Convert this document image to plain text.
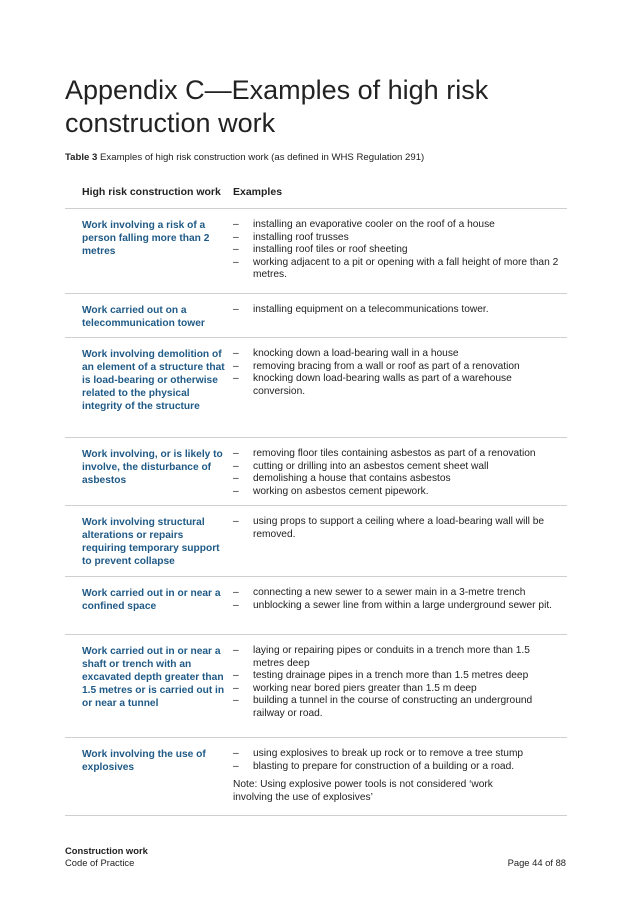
Appendix C—Examples of high risk construction work
Table 3 Examples of high risk construction work (as defined in WHS Regulation 291)
High risk construction work Examples
Work involving a risk of a person falling more than 2 metres
– installing an evaporative cooler on the roof of a house
– installing roof trusses
– installing roof tiles or roof sheeting
– working adjacent to a pit or opening with a fall height of more than 2 metres.
Work carried out on a telecommunication tower
– installing equipment on a telecommunications tower.
Work involving demolition of an element of a structure that is load-bearing or otherwise related to the physical integrity of the structure
– knocking down a load-bearing wall in a house
– removing bracing from a wall or roof as part of a renovation
– knocking down load-bearing walls as part of a warehouse conversion.
Work involving, or is likely to involve, the disturbance of asbestos
– removing floor tiles containing asbestos as part of a renovation
– cutting or drilling into an asbestos cement sheet wall
– demolishing a house that contains asbestos
– working on asbestos cement pipework.
Work involving structural alterations or repairs requiring temporary support to prevent collapse
– using props to support a ceiling where a load-bearing wall will be removed.
Work carried out in or near a confined space
– connecting a new sewer to a sewer main in a 3-metre trench
– unblocking a sewer line from within a large underground sewer pit.
Work carried out in or near a shaft or trench with an excavated depth greater than 1.5 metres or is carried out in or near a tunnel
– laying or repairing pipes or conduits in a trench more than 1.5 metres deep
– testing drainage pipes in a trench more than 1.5 metres deep
– working near bored piers greater than 1.5 m deep
– building a tunnel in the course of constructing an underground railway or road.
Work involving the use of explosives
– using explosives to break up rock or to remove a tree stump
– blasting to prepare for construction of a building or a road.
Note: Using explosive power tools is not considered ‘work involving the use of explosives’
Construction work
Code of Practice	Page 44 of 88
